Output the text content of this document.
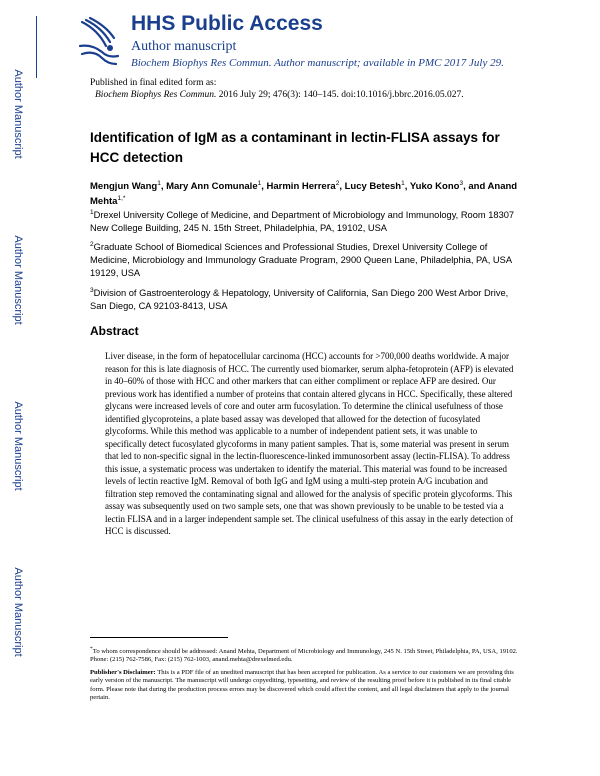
Author Manuscript
Author Manuscript
Author Manuscript
Author Manuscript
HHS Public Access
Author manuscript
Biochem Biophys Res Commun. Author manuscript; available in PMC 2017 July 29.
Published in final edited form as:
Biochem Biophys Res Commun. 2016 July 29; 476(3): 140–145. doi:10.1016/j.bbrc.2016.05.027.
Identification of IgM as a contaminant in lectin-FLISA assays for HCC detection
Mengjun Wang$^1$, Mary Ann Comunale$^1$, Harmin Herrera$^2$, Lucy Betesh$^1$, Yuko Kono$^3$, and Anand Mehta$^{1,*}$
$^1$Drexel University College of Medicine, and Department of Microbiology and Immunology, Room 18307 New College Building, 245 N. 15th Street, Philadelphia, PA, 19102, USA
$^2$Graduate School of Biomedical Sciences and Professional Studies, Drexel University College of Medicine, Microbiology and Immunology Graduate Program, 2900 Queen Lane, Philadelphia, PA, USA 19129, USA
$^3$Division of Gastroenterology & Hepatology, University of California, San Diego 200 West Arbor Drive, San Diego, CA 92103-8413, USA
Abstract
Liver disease, in the form of hepatocellular carcinoma (HCC) accounts for >700,000 deaths worldwide. A major reason for this is late diagnosis of HCC. The currently used biomarker, serum alpha-fetoprotein (AFP) is elevated in 40–60% of those with HCC and other markers that can either compliment or replace AFP are desired. Our previous work has identified a number of proteins that contain altered glycans in HCC. Specifically, these altered glycans were increased levels of core and outer arm fucosylation. To determine the clinical usefulness of those identified glycoproteins, a plate based assay was developed that allowed for the detection of fucosylated glycoforms. While this method was applicable to a number of independent patient sets, it was unable to specifically detect fucosylated glycoforms in many patient samples. That is, some material was present in serum that led to non-specific signal in the lectin-fluorescence-linked immunosorbent assay (lectin-FLISA). To address this issue, a systematic process was undertaken to identify the material. This material was found to be increased levels of lectin reactive IgM. Removal of both IgG and IgM using a multi-step protein A/G incubation and filtration step removed the contaminating signal and allowed for the analysis of specific protein glycoforms. This assay was subsequently used on two sample sets, one that was shown previously to be unable to be tested via a lectin FLISA and in a larger independent sample set. The clinical usefulness of this assay in the early detection of HCC is discussed.
*To whom correspondence should be addressed: Anand Mehta, Department of Microbiology and Immunology, 245 N. 15th Street, Philadelphia, PA, USA, 19102. Phone: (215) 762-7586, Fax: (215) 762-1003, anand.mehta@drexelmed.edu.
Publisher's Disclaimer: This is a PDF file of an unedited manuscript that has been accepted for publication. As a service to our customers we are providing this early version of the manuscript. The manuscript will undergo copyediting, typesetting, and review of the resulting proof before it is published in its final citable form. Please note that during the production process errors may be discovered which could affect the content, and all legal disclaimers that apply to the journal pertain.
